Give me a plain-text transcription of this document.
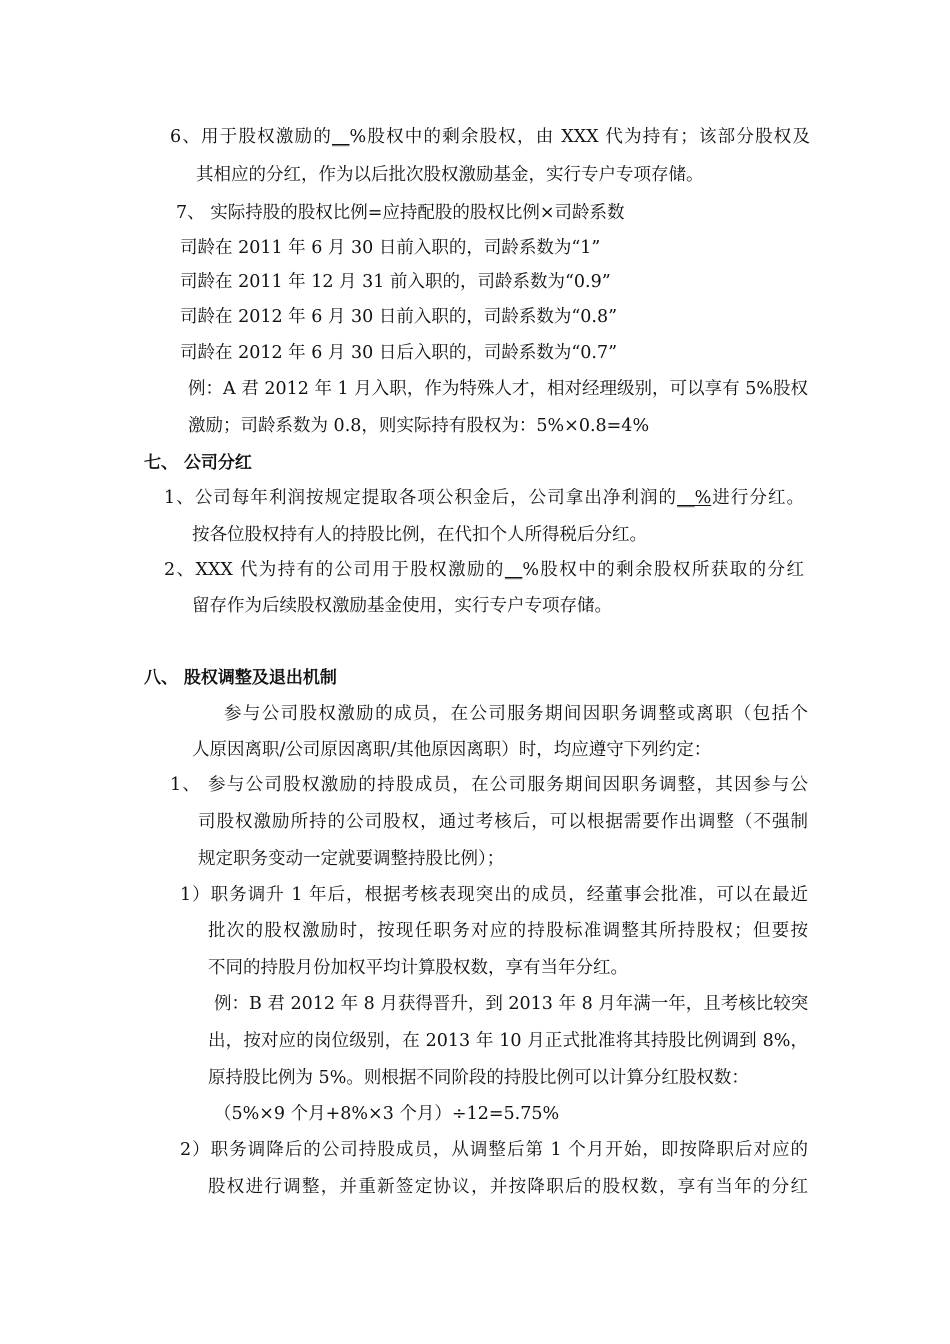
6、用于股权激励的__%股权中的剩余股权，由 XXX 代为持有；该部分股权及
其相应的分红，作为以后批次股权激励基金，实行专户专项存储。
7、 实际持股的股权比例=应持配股的股权比例×司龄系数
司龄在 2011 年 6 月 30 日前入职的，司龄系数为“1”
司龄在 2011 年 12 月 31 前入职的，司龄系数为“0.9”
司龄在 2012 年 6 月 30 日前入职的，司龄系数为“0.8”
司龄在 2012 年 6 月 30 日后入职的，司龄系数为“0.7”
例：A 君 2012 年 1 月入职，作为特殊人才，相对经理级别，可以享有 5%股权
激励；司龄系数为 0.8，则实际持有股权为：5%×0.8=4%
七、 公司分红
1、公司每年利润按规定提取各项公积金后，公司拿出净利润的__%进行分红。
按各位股权持有人的持股比例，在代扣个人所得税后分红。
2、XXX 代为持有的公司用于股权激励的__%股权中的剩余股权所获取的分红
留存作为后续股权激励基金使用，实行专户专项存储。
八、 股权调整及退出机制
参与公司股权激励的成员，在公司服务期间因职务调整或离职（包括个
人原因离职/公司原因离职/其他原因离职）时，均应遵守下列约定：
1、 参与公司股权激励的持股成员，在公司服务期间因职务调整，其因参与公
司股权激励所持的公司股权，通过考核后，可以根据需要作出调整（不强制
规定职务变动一定就要调整持股比例）；
1）职务调升 1 年后，根据考核表现突出的成员，经董事会批准，可以在最近
批次的股权激励时，按现任职务对应的持股标准调整其所持股权；但要按
不同的持股月份加权平均计算股权数，享有当年分红。
例：B 君 2012 年 8 月获得晋升，到 2013 年 8 月年满一年，且考核比较突
出，按对应的岗位级别，在 2013 年 10 月正式批准将其持股比例调到 8%，
原持股比例为 5%。则根据不同阶段的持股比例可以计算分红股权数：
（5%×9 个月+8%×3 个月）÷12=5.75%
2）职务调降后的公司持股成员，从调整后第 1 个月开始，即按降职后对应的
股权进行调整，并重新签定协议，并按降职后的股权数，享有当年的分红
